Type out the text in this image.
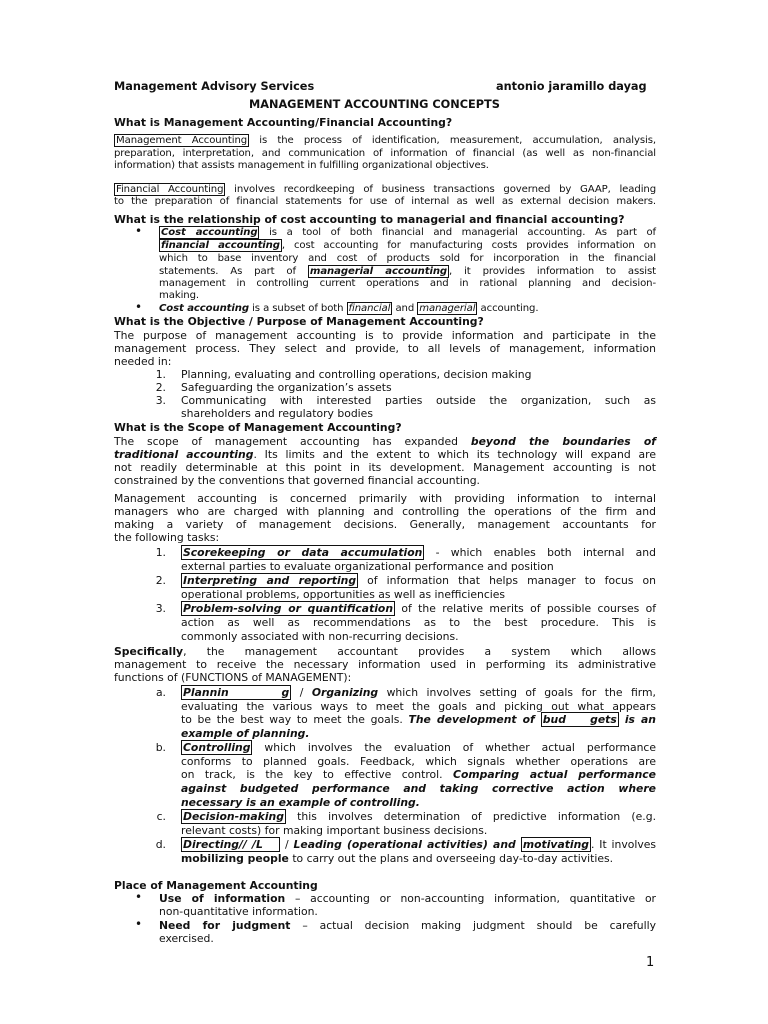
Management Advisory Services	antonio jaramillo dayag
MANAGEMENT ACCOUNTING CONCEPTS
What is Management Accounting/Financial Accounting?
Management Accounting is the process of identification, measurement, accumulation, analysis,
preparation, interpretation, and communication of information of financial (as well as non-financial
information) that assists management in fulfilling organizational objectives.
Financial Accounting involves recordkeeping of business transactions governed by GAAP, leading
to the preparation of financial statements for use of internal as well as external decision makers.
What is the relationship of cost accounting to managerial and financial accounting?
• Cost accounting is a tool of both financial and managerial accounting. As part of
financial accounting , cost accounting for manufacturing costs provides information on
which to base inventory and cost of products sold for incorporation in the financial
statements. As part of managerial accounting , it provides information to assist
management in controlling current operations and in rational planning and decision-
making.
• Cost accounting is a subset of both financial and managerial accounting.
What is the Objective / Purpose of Management Accounting?
The purpose of management accounting is to provide information and participate in the
management process. They select and provide, to all levels of management, information
needed in:
1. Planning, evaluating and controlling operations, decision making
2. Safeguarding the organization’s assets
3. Communicating with interested parties outside the organization, such as
shareholders and regulatory bodies
What is the Scope of Management Accounting?
The scope of management accounting has expanded beyond the boundaries of
traditional accounting. Its limits and the extent to which its technology will expand are
not readily determinable at this point in its development. Management accounting is not
constrained by the conventions that governed financial accounting.
Management accounting is concerned primarily with providing information to internal
managers who are charged with planning and controlling the operations of the firm and
making a variety of management decisions. Generally, management accountants for
the following tasks:
1. Scorekeeping or data accumulation - which enables both internal and
external parties to evaluate organizational performance and position
2. Interpreting and reporting of information that helps manager to focus on
operational problems, opportunities as well as inefficiencies
3. Problem-solving or quantification of the relative merits of possible courses of
action as well as recommendations as to the best procedure. This is
commonly associated with non-recurring decisions.
Specifically, the management accountant provides a system which allows
management to receive the necessary information used in performing its administrative
functions of (FUNCTIONS of MANAGEMENT):
a. Plannin      g / Organizing which involves setting of goals for the firm,
evaluating the various ways to meet the goals and picking out what appears
to be the best way to meet the goals. The development of bud    gets is an
example of planning.
b. Controlling which involves the evaluation of whether actual performance
conforms to planned goals. Feedback, which signals whether operations are
on track, is the key to effective control. Comparing actual performance
against budgeted performance and taking corrective action where
necessary is an example of controlling.
c. Decision-making this involves determination of predictive information (e.g.
relevant costs) for making important business decisions.
d. Directing// /L    / Leading (operational activities) and motivating . It involves
mobilizing people to carry out the plans and overseeing day-to-day activities.
Place of Management Accounting
• Use of information – accounting or non-accounting information, quantitative or
non-quantitative information.
• Need for judgment – actual decision making judgment should be carefully
exercised.
1
